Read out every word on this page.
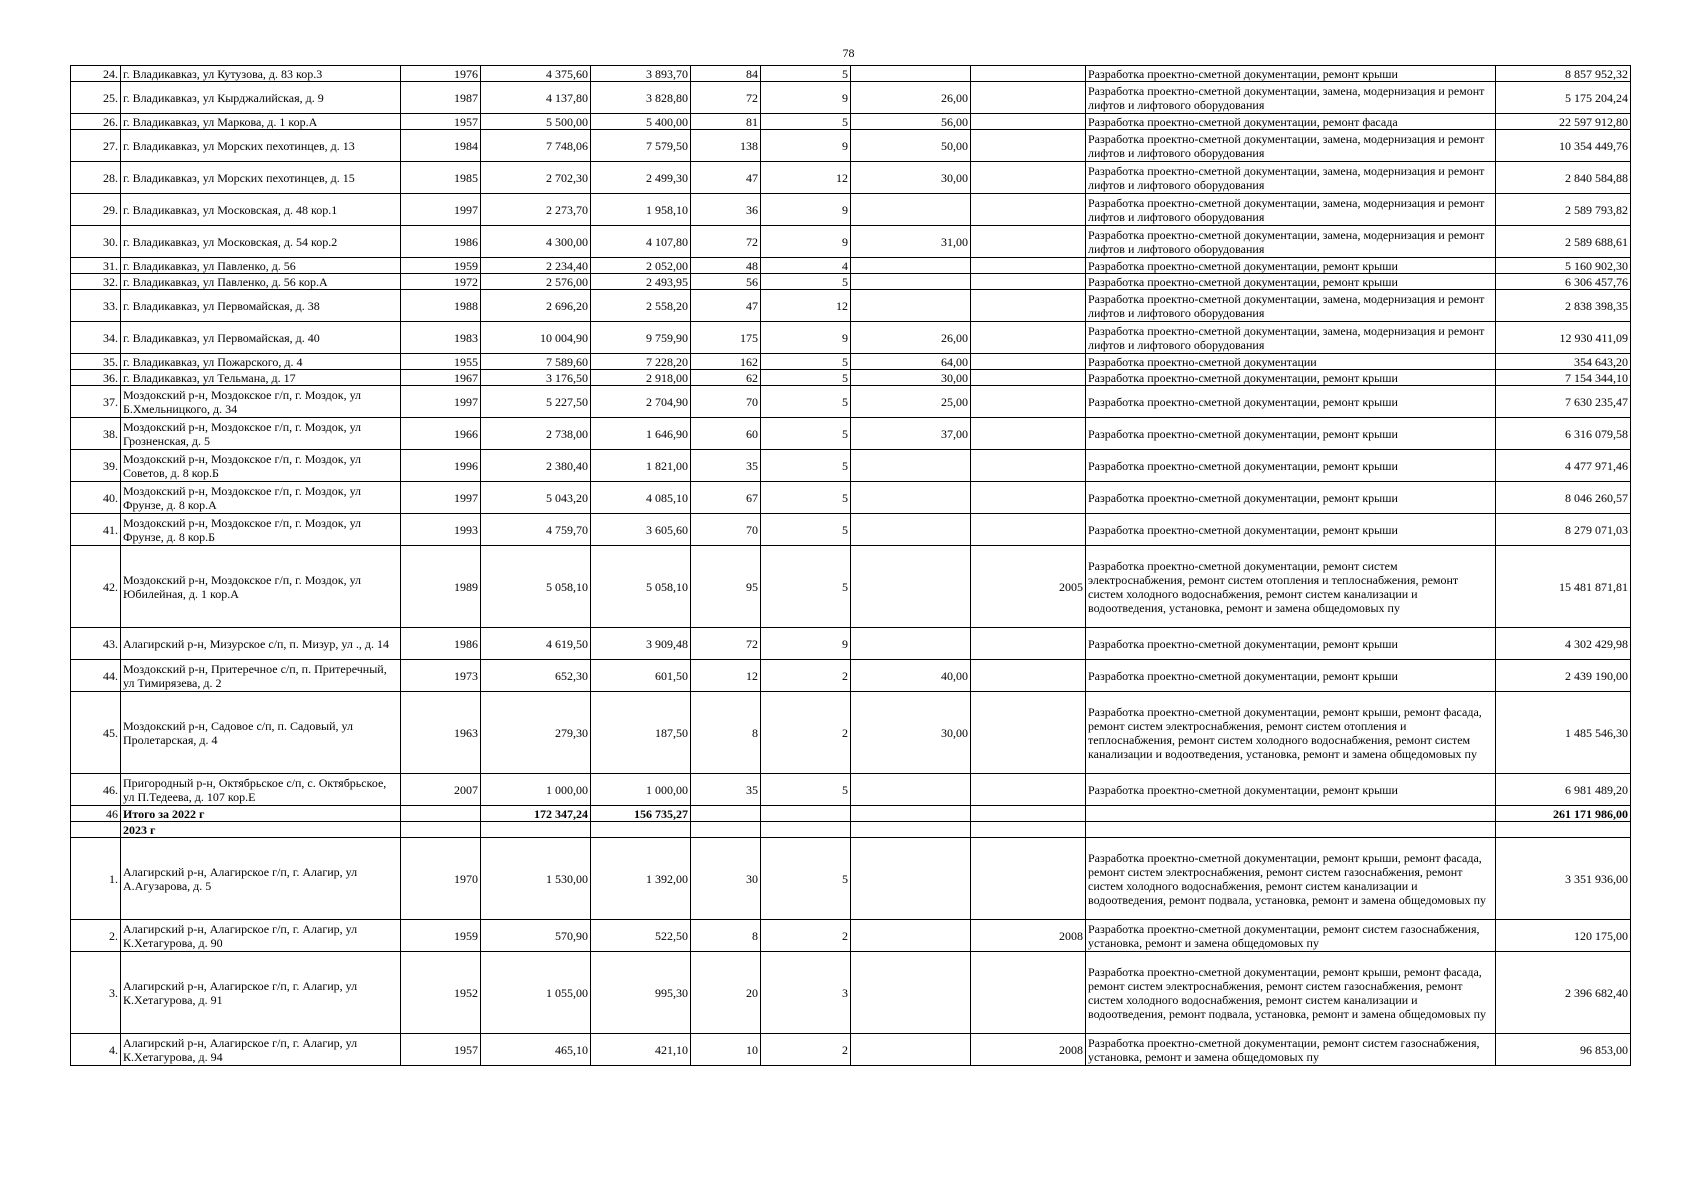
78
24.	г. Владикавказ, ул Кутузова, д. 83 кор.3	1976	4 375,60	3 893,70	84	5			Разработка проектно-сметной документации, ремонт крыши	8 857 952,32
25.	г. Владикавказ, ул Кырджалийская, д. 9	1987	4 137,80	3 828,80	72	9	26,00		Разработка проектно-сметной документации, замена, модернизация и ремонт лифтов и лифтового оборудования	5 175 204,24
26.	г. Владикавказ, ул Маркова, д. 1 кор.А	1957	5 500,00	5 400,00	81	5	56,00		Разработка проектно-сметной документации, ремонт фасада	22 597 912,80
27.	г. Владикавказ, ул Морских пехотинцев, д. 13	1984	7 748,06	7 579,50	138	9	50,00		Разработка проектно-сметной документации, замена, модернизация и ремонт лифтов и лифтового оборудования	10 354 449,76
28.	г. Владикавказ, ул Морских пехотинцев, д. 15	1985	2 702,30	2 499,30	47	12	30,00		Разработка проектно-сметной документации, замена, модернизация и ремонт лифтов и лифтового оборудования	2 840 584,88
29.	г. Владикавказ, ул Московская, д. 48 кор.1	1997	2 273,70	1 958,10	36	9			Разработка проектно-сметной документации, замена, модернизация и ремонт лифтов и лифтового оборудования	2 589 793,82
30.	г. Владикавказ, ул Московская, д. 54 кор.2	1986	4 300,00	4 107,80	72	9	31,00		Разработка проектно-сметной документации, замена, модернизация и ремонт лифтов и лифтового оборудования	2 589 688,61
31.	г. Владикавказ, ул Павленко, д. 56	1959	2 234,40	2 052,00	48	4			Разработка проектно-сметной документации, ремонт крыши	5 160 902,30
32.	г. Владикавказ, ул Павленко, д. 56 кор.А	1972	2 576,00	2 493,95	56	5			Разработка проектно-сметной документации, ремонт крыши	6 306 457,76
33.	г. Владикавказ, ул Первомайская, д. 38	1988	2 696,20	2 558,20	47	12			Разработка проектно-сметной документации, замена, модернизация и ремонт лифтов и лифтового оборудования	2 838 398,35
34.	г. Владикавказ, ул Первомайская, д. 40	1983	10 004,90	9 759,90	175	9	26,00		Разработка проектно-сметной документации, замена, модернизация и ремонт лифтов и лифтового оборудования	12 930 411,09
35.	г. Владикавказ, ул Пожарского, д. 4	1955	7 589,60	7 228,20	162	5	64,00		Разработка проектно-сметной документации	354 643,20
36.	г. Владикавказ, ул Тельмана, д. 17	1967	3 176,50	2 918,00	62	5	30,00		Разработка проектно-сметной документации, ремонт крыши	7 154 344,10
37.	Моздокский р-н, Моздокское г/п, г. Моздок, ул Б.Хмельницкого, д. 34	1997	5 227,50	2 704,90	70	5	25,00		Разработка проектно-сметной документации, ремонт крыши	7 630 235,47
38.	Моздокский р-н, Моздокское г/п, г. Моздок, ул Грозненская, д. 5	1966	2 738,00	1 646,90	60	5	37,00		Разработка проектно-сметной документации, ремонт крыши	6 316 079,58
39.	Моздокский р-н, Моздокское г/п, г. Моздок, ул Советов, д. 8 кор.Б	1996	2 380,40	1 821,00	35	5			Разработка проектно-сметной документации, ремонт крыши	4 477 971,46
40.	Моздокский р-н, Моздокское г/п, г. Моздок, ул Фрунзе, д. 8 кор.А	1997	5 043,20	4 085,10	67	5			Разработка проектно-сметной документации, ремонт крыши	8 046 260,57
41.	Моздокский р-н, Моздокское г/п, г. Моздок, ул Фрунзе, д. 8 кор.Б	1993	4 759,70	3 605,60	70	5			Разработка проектно-сметной документации, ремонт крыши	8 279 071,03
42.	Моздокский р-н, Моздокское г/п, г. Моздок, ул Юбилейная, д. 1 кор.А	1989	5 058,10	5 058,10	95	5		2005	Разработка проектно-сметной документации, ремонт систем электроснабжения, ремонт систем отопления и теплоснабжения, ремонт систем холодного водоснабжения, ремонт систем канализации и водоотведения, установка, ремонт и замена общедомовых пу	15 481 871,81
43.	Алагирский р-н, Мизурское с/п, п. Мизур, ул ., д. 14	1986	4 619,50	3 909,48	72	9			Разработка проектно-сметной документации, ремонт крыши	4 302 429,98
44.	Моздокский р-н, Притеречное с/п, п. Притеречный, ул Тимирязева, д. 2	1973	652,30	601,50	12	2	40,00		Разработка проектно-сметной документации, ремонт крыши	2 439 190,00
45.	Моздокский р-н, Садовое с/п, п. Садовый, ул Пролетарская, д. 4	1963	279,30	187,50	8	2	30,00		Разработка проектно-сметной документации, ремонт крыши, ремонт фасада, ремонт систем электроснабжения, ремонт систем отопления и теплоснабжения, ремонт систем холодного водоснабжения, ремонт систем канализации и водоотведения, установка, ремонт и замена общедомовых пу	1 485 546,30
46.	Пригородный р-н, Октябрьское с/п, с. Октябрьское, ул П.Тедеева, д. 107 кор.Е	2007	1 000,00	1 000,00	35	5			Разработка проектно-сметной документации, ремонт крыши	6 981 489,20
46	Итого за 2022 г		172 347,24	156 735,27						261 171 986,00
	2023 г									
1.	Алагирский р-н, Алагирское г/п, г. Алагир, ул А.Агузарова, д. 5	1970	1 530,00	1 392,00	30	5			Разработка проектно-сметной документации, ремонт крыши, ремонт фасада, ремонт систем электроснабжения, ремонт систем газоснабжения, ремонт систем холодного водоснабжения, ремонт систем канализации и водоотведения, ремонт подвала, установка, ремонт и замена общедомовых пу	3 351 936,00
2.	Алагирский р-н, Алагирское г/п, г. Алагир, ул К.Хетагурова, д. 90	1959	570,90	522,50	8	2		2008	Разработка проектно-сметной документации, ремонт систем газоснабжения, установка, ремонт и замена общедомовых пу	120 175,00
3.	Алагирский р-н, Алагирское г/п, г. Алагир, ул К.Хетагурова, д. 91	1952	1 055,00	995,30	20	3			Разработка проектно-сметной документации, ремонт крыши, ремонт фасада, ремонт систем электроснабжения, ремонт систем газоснабжения, ремонт систем холодного водоснабжения, ремонт систем канализации и водоотведения, ремонт подвала, установка, ремонт и замена общедомовых пу	2 396 682,40
4.	Алагирский р-н, Алагирское г/п, г. Алагир, ул К.Хетагурова, д. 94	1957	465,10	421,10	10	2		2008	Разработка проектно-сметной документации, ремонт систем газоснабжения, установка, ремонт и замена общедомовых пу	96 853,00
